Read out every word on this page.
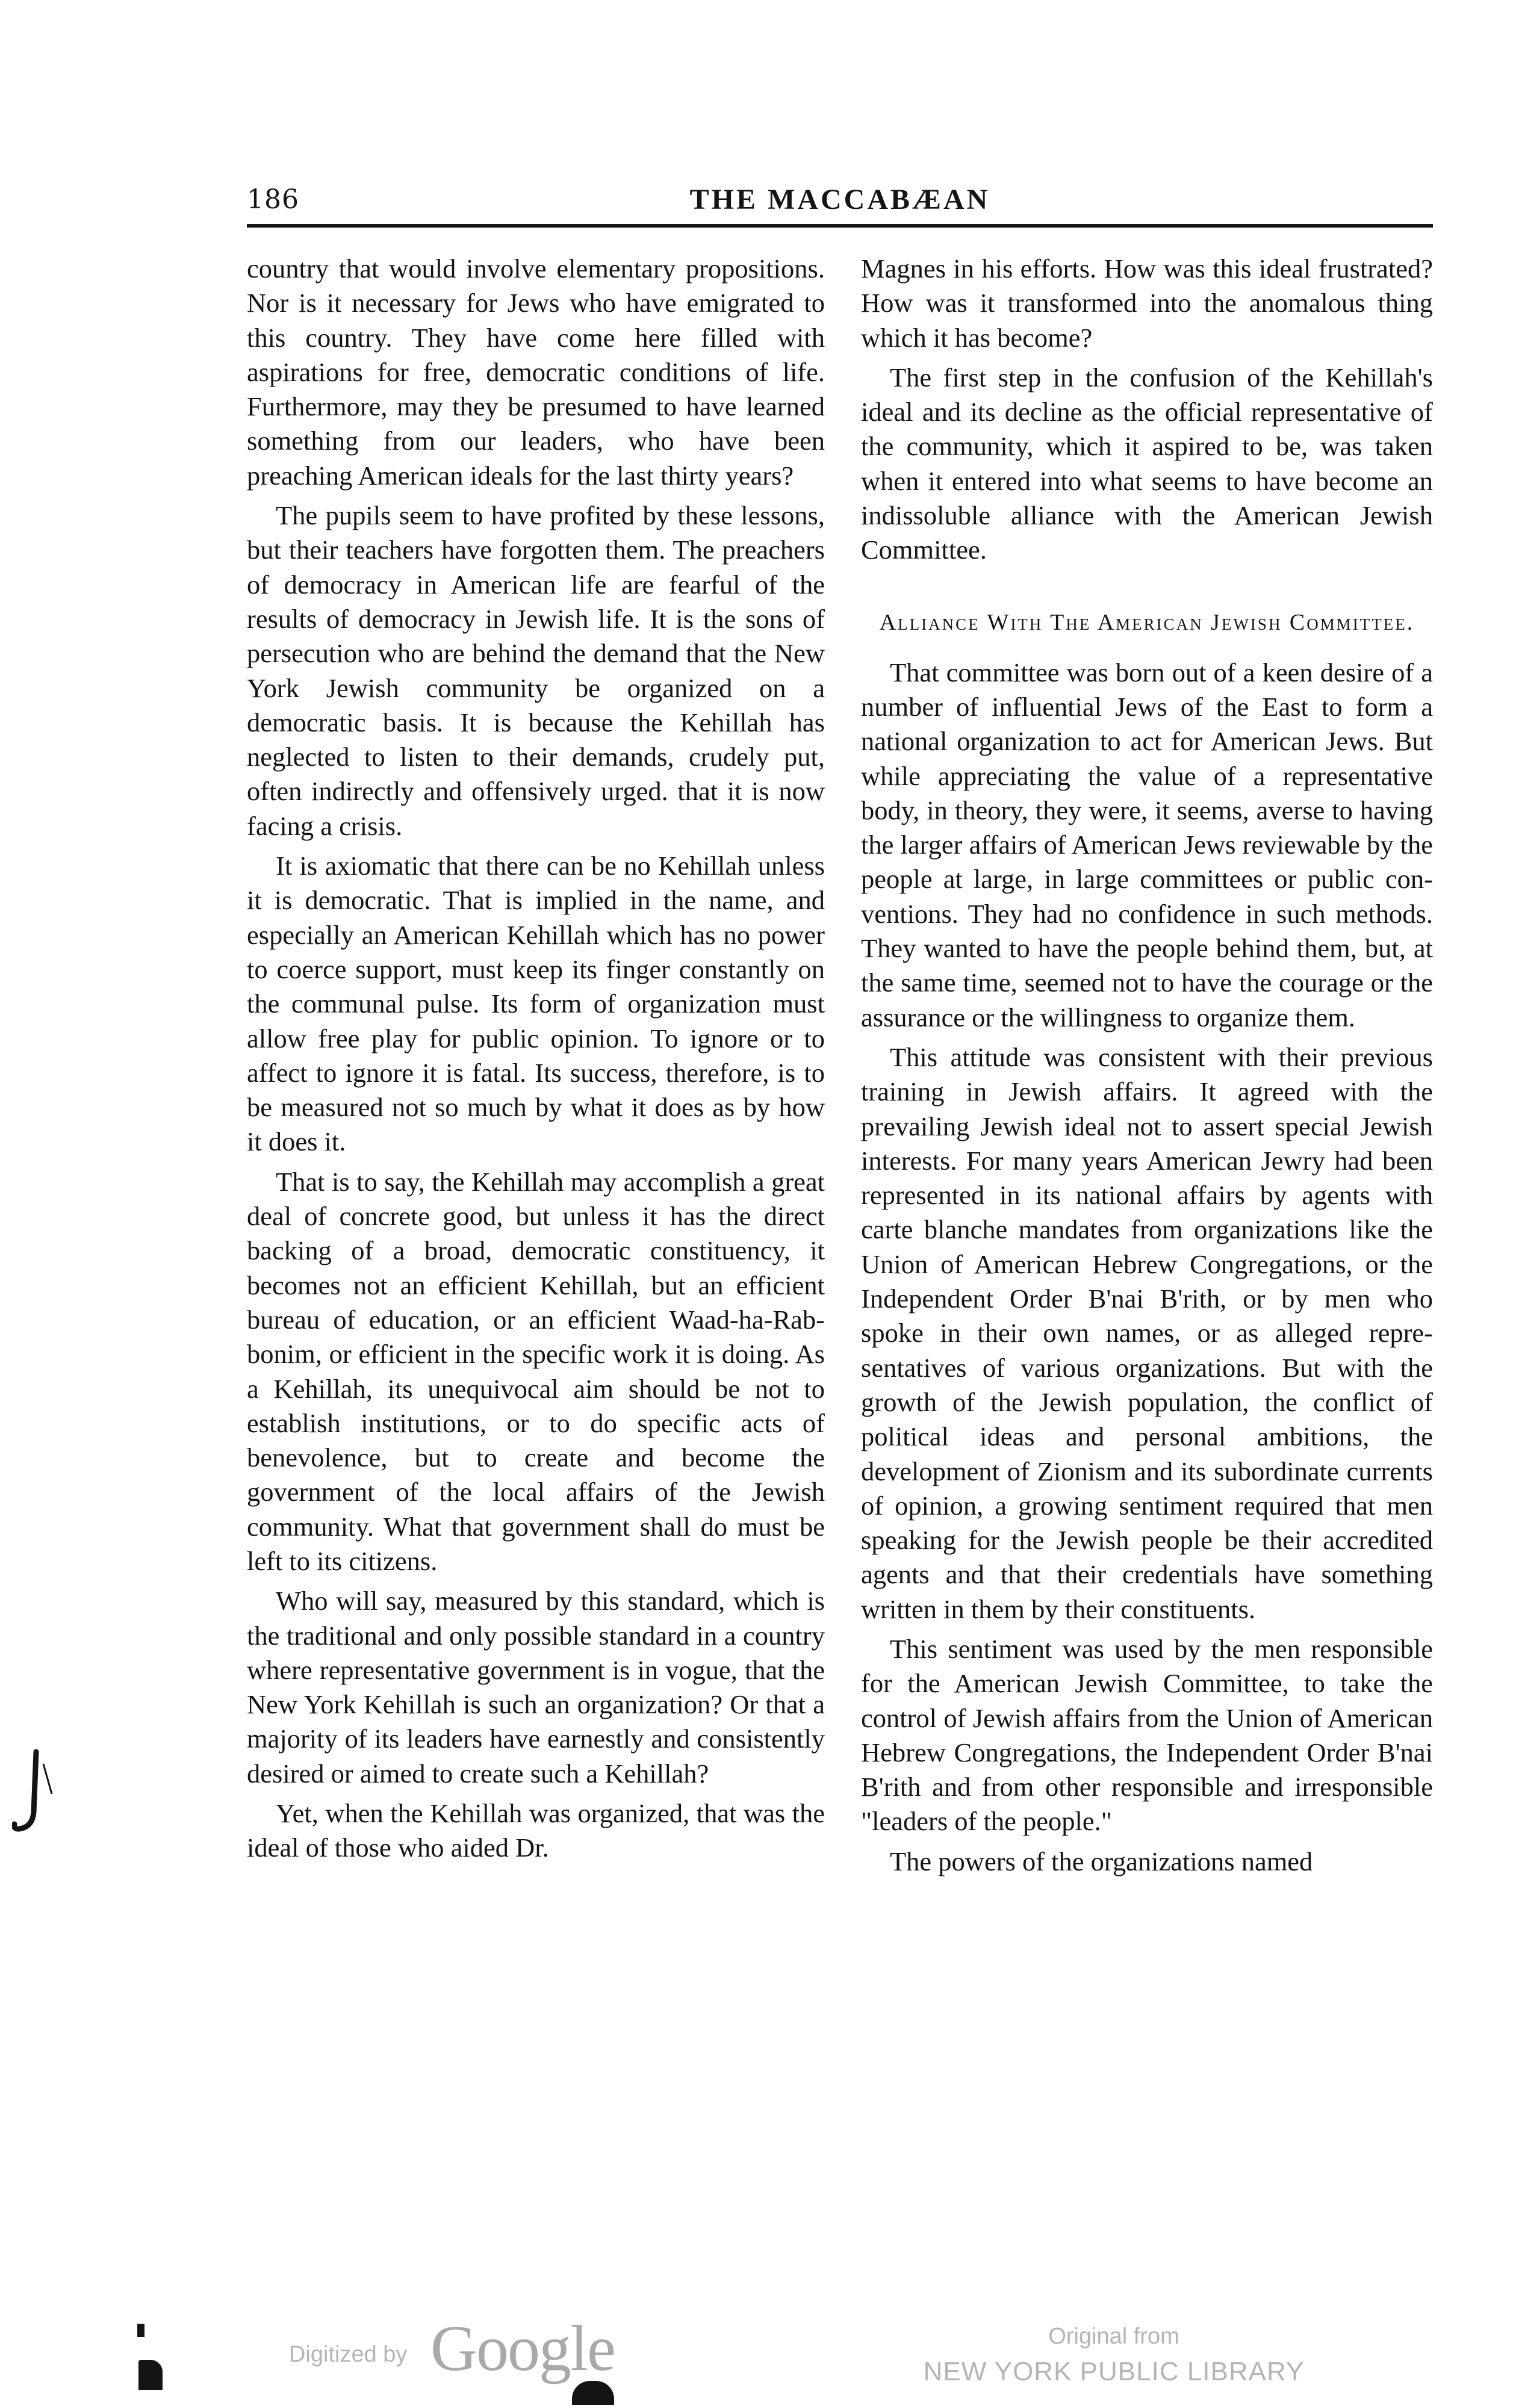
186	THE MACCABÆAN

country that would involve elementary propositions. Nor is it necessary for Jews who have emigrated to this country. They have come here filled with aspirations for free, democratic conditions of life. Furthermore, may they be presumed to have learned something from our leaders, who have been preaching American ideals for the last thirty years?

The pupils seem to have profited by these lessons, but their teachers have forgotten them. The preachers of democracy in American life are fearful of the results of democracy in Jewish life. It is the sons of persecution who are behind the demand that the New York Jewish community be organized on a democratic basis. It is because the Kehillah has neglected to listen to their demands, crudely put, often indirectly and offensively urged. that it is now facing a crisis.

It is axiomatic that there can be no Kehillah unless it is democratic. That is implied in the name, and especially an American Kehillah which has no power to coerce support, must keep its finger constantly on the communal pulse. Its form of organization must allow free play for public opinion. To ignore or to affect to ignore it is fatal. Its success, therefore, is to be measured not so much by what it does as by how it does it.

That is to say, the Kehillah may accomplish a great deal of concrete good, but unless it has the direct backing of a broad, democratic constituency, it becomes not an efficient Kehillah, but an efficient bureau of education, or an efficient Waad-ha-Rabbonim, or efficient in the specific work it is doing. As a Kehillah, its unequivocal aim should be not to establish institutions, or to do specific acts of benevolence, but to create and become the government of the local affairs of the Jewish community. What that government shall do must be left to its citizens.

Who will say, measured by this standard, which is the traditional and only possible standard in a country where representative government is in vogue, that the New York Kehillah is such an organization? Or that a majority of its leaders have earnestly and consistently desired or aimed to create such a Kehillah?

Yet, when the Kehillah was organized, that was the ideal of those who aided Dr.

Magnes in his efforts. How was this ideal frustrated? How was it transformed into the anomalous thing which it has become?

The first step in the confusion of the Kehillah's ideal and its decline as the official representative of the community, which it aspired to be, was taken when it entered into what seems to have become an indissoluble alliance with the American Jewish Committee.

Alliance With The American Jewish Committee.

That committee was born out of a keen desire of a number of influential Jews of the East to form a national organization to act for American Jews. But while appreciating the value of a representative body, in theory, they were, it seems, averse to having the larger affairs of American Jews reviewable by the people at large, in large committees or public conventions. They had no confidence in such methods. They wanted to have the people behind them, but, at the same time, seemed not to have the courage or the assurance or the willingness to organize them.

This attitude was consistent with their previous training in Jewish affairs. It agreed with the prevailing Jewish ideal not to assert special Jewish interests. For many years American Jewry had been represented in its national affairs by agents with carte blanche mandates from organizations like the Union of American Hebrew Congregations, or the Independent Order B'nai B'rith, or by men who spoke in their own names, or as alleged representatives of various organizations. But with the growth of the Jewish population, the conflict of political ideas and personal ambitions, the development of Zionism and its subordinate currents of opinion, a growing sentiment required that men speaking for the Jewish people be their accredited agents and that their credentials have something written in them by their constituents.

This sentiment was used by the men responsible for the American Jewish Committee, to take the control of Jewish affairs from the Union of American Hebrew Congregations, the Independent Order B'nai B'rith and from other responsible and irresponsible "leaders of the people."

The powers of the organizations named

Digitized by Google	Original from
NEW YORK PUBLIC LIBRARY
